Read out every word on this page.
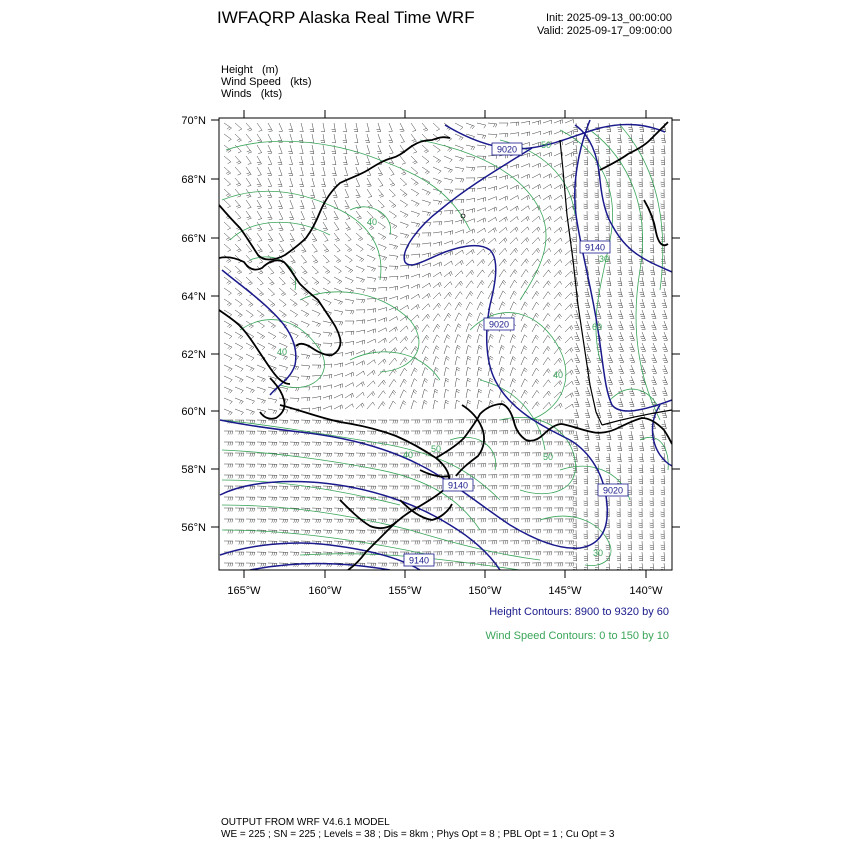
IWFAQRP Alaska Real Time WRF	Init: 2025-09-13_00:00:00
Valid: 2025-09-17_09:00:00
Height   (m)
Wind Speed   (kts)
Winds   (kts)
9020
9140
9020
9020
9140
9140
50
40
30
60
40
50
40
30
40
50
70°N
68°N
66°N
64°N
62°N
60°N
58°N
56°N
165°W	160°W	155°W	150°W	145°W	140°W
Height Contours: 8900 to 9320 by 60
Wind Speed Contours: 0 to 150 by 10
OUTPUT FROM WRF V4.6.1 MODEL
WE = 225 ; SN = 225 ; Levels = 38 ; Dis = 8km ; Phys Opt = 8 ; PBL Opt = 1 ; Cu Opt = 3
